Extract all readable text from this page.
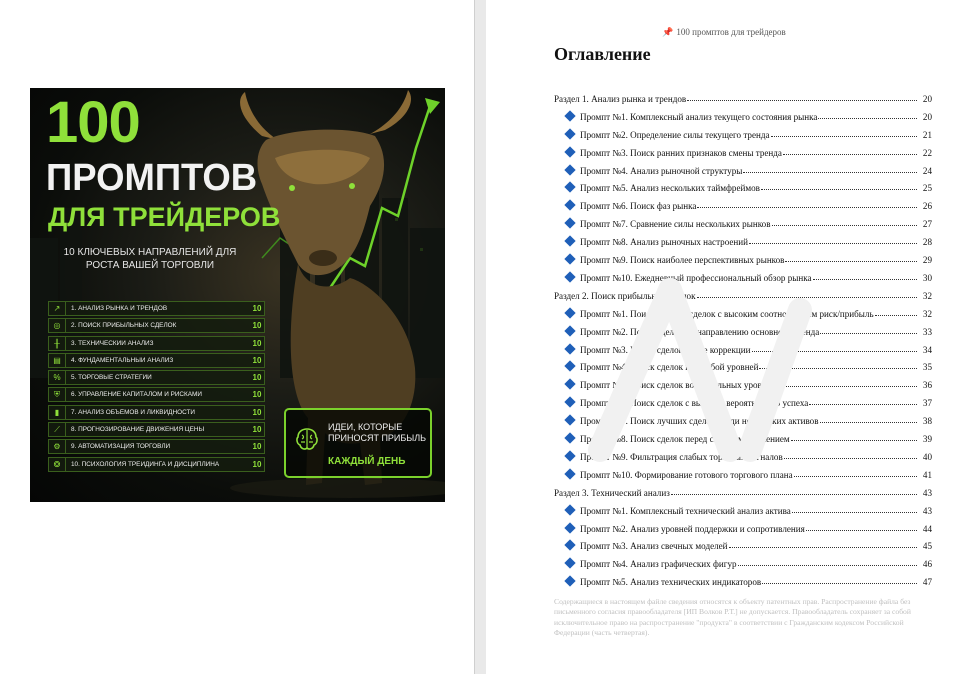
100
ПРОМПТОВ
ДЛЯ ТРЕЙДЕРОВ
10 КЛЮЧЕВЫХ НАПРАВЛЕНИЙ ДЛЯ РОСТА ВАШЕЙ ТОРГОВЛИ
↗	1. АНАЛИЗ РЫНКА И ТРЕНДОВ	10
◎	2. ПОИСК ПРИБЫЛЬНЫХ СДЕЛОК	10
╫	3. ТЕХНИЧЕСКИЙ АНАЛИЗ	10
▤	4. ФУНДАМЕНТАЛЬНЫЙ АНАЛИЗ	10
%	5. ТОРГОВЫЕ СТРАТЕГИИ	10
⛨	6. УПРАВЛЕНИЕ КАПИТАЛОМ И РИСКАМИ	10
▮	7. АНАЛИЗ ОБЪЁМОВ И ЛИКВИДНОСТИ	10
⟋	8. ПРОГНОЗИРОВАНИЕ ДВИЖЕНИЯ ЦЕНЫ	10
⚙	9. АВТОМАТИЗАЦИЯ ТОРГОВЛИ	10
❂	10. ПСИХОЛОГИЯ ТРЕЙДИНГА И ДИСЦИПЛИНА	10
ИДЕИ, КОТОРЫЕ ПРИНОСЯТ ПРИБЫЛЬ
КАЖДЫЙ ДЕНЬ
📌 100 промптов для трейдеров
Оглавление
Раздел 1. Анализ рынка и трендов	20
Промпт №1. Комплексный анализ текущего состояния рынка	20
Промпт №2. Определение силы текущего тренда	21
Промпт №3. Поиск ранних признаков смены тренда	22
Промпт №4. Анализ рыночной структуры	24
Промпт №5. Анализ нескольких таймфреймов	25
Промпт №6. Поиск фаз рынка	26
Промпт №7. Сравнение силы нескольких рынков	27
Промпт №8. Анализ рыночных настроений	28
Промпт №9. Поиск наиболее перспективных рынков	29
Промпт №10. Ежедневный профессиональный обзор рынка	30
Раздел 2. Поиск прибыльных сделок	32
Промпт №1. Поиск лучших сделок с высоким соотношением риск/прибыль	32
Промпт №2. Поиск сделок по направлению основного тренда	33
Промпт №3. Поиск сделок после коррекции	34
Промпт №4. Поиск сделок на пробой уровней	35
Промпт №5. Поиск сделок возле сильных уровней	36
Промпт №6. Поиск сделок с высокой вероятностью успеха	37
Промпт №7. Поиск лучших сделок среди нескольких активов	38
Промпт №8. Поиск сделок перед сильным движением	39
Промпт №9. Фильтрация слабых торговых сигналов	40
Промпт №10. Формирование готового торгового плана	41
Раздел 3. Технический анализ	43
Промпт №1. Комплексный технический анализ актива	43
Промпт №2. Анализ уровней поддержки и сопротивления	44
Промпт №3. Анализ свечных моделей	45
Промпт №4. Анализ графических фигур	46
Промпт №5. Анализ технических индикаторов	47
Содержащиеся в настоящем файле сведения относятся к объекту патентных прав. Распространение файла без письменного согласия правообладателя [ИП Волков Р.Т.] не допускается. Правообладатель сохраняет за собой исключительное право на распространение "продукта" в соответствии с Гражданским кодексом Российской Федерации (часть четвертая).
